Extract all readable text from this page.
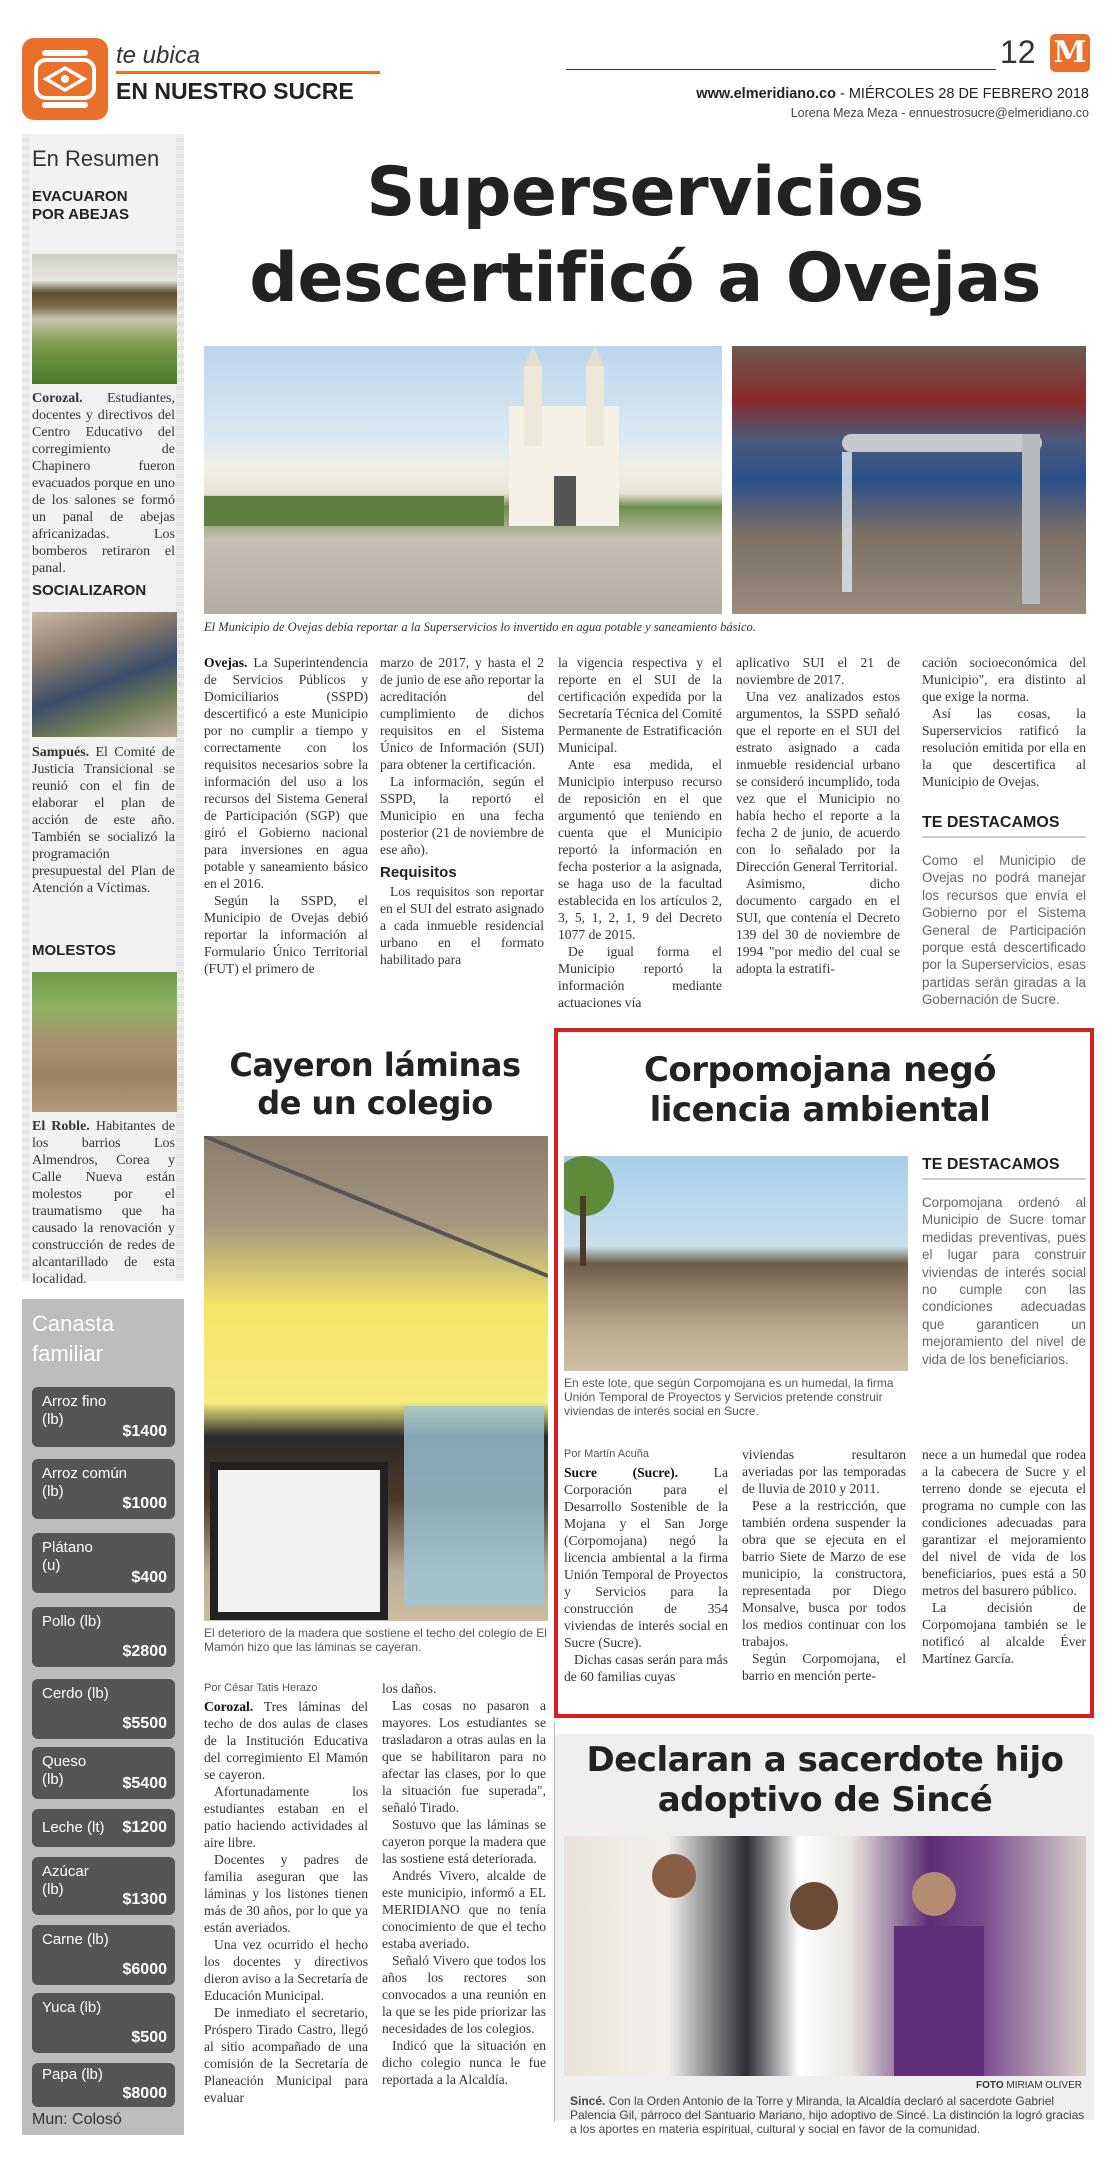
te ubica
EN NUESTRO SUCRE
12 M
www.elmeridiano.co - MIÉRCOLES 28 DE FEBRERO 2018
Lorena Meza Meza - ennuestrosucre@elmeridiano.co
En Resumen
EVACUARON POR ABEJAS
Corozal. Estudiantes, docentes y directivos del Centro Educativo del corregimiento de Chapinero fueron evacuados porque en uno de los salones se formó un panal de abejas africanizadas. Los bomberos retiraron el panal.
SOCIALIZARON
Sampués. El Comité de Justicia Transicional se reunió con el fin de elaborar el plan de acción de este año. También se socializó la programación presupuestal del Plan de Atención a Víctimas.
MOLESTOS
El Roble. Habitantes de los barrios Los Almendros, Corea y Calle Nueva están molestos por el traumatismo que ha causado la renovación y construcción de redes de alcantarillado de esta localidad.
Canasta familiar
Arroz fino (lb)
$1400
Arroz común (lb)
$1000
Plátano (u)
$400
Pollo (lb)
$2800
Cerdo (lb)
$5500
Queso (lb)	$5400
Leche (lt)	$1200
Azúcar (lb)
$1300
Carne (lb)
$6000
Yuca (lb)
$500
Papa (lb)
$8000
Mun: Colosó
Superservicios descertificó a Ovejas
El Municipio de Ovejas debía reportar a la Superservicios lo invertido en agua potable y saneamiento básico.

Ovejas. La Superintendencia de Servicios Públicos y Domiciliarios (SSPD) descertificó a este Municipio por no cumplir a tiempo y correctamente con los requisitos necesarios sobre la información del uso a los recursos del Sistema General de Participación (SGP) que giró el Gobierno nacional para inversiones en agua potable y saneamiento básico en el 2016.

Según la SSPD, el Municipio de Ovejas debió reportar la información al Formulario Único Territorial (FUT) el primero de

marzo de 2017, y hasta el 2 de junio de ese año reportar la acreditación del cumplimiento de dichos requisitos en el Sistema Único de Información (SUI) para obtener la certificación.

La información, según el SSPD, la reportó el Municipio en una fecha posterior (21 de noviembre de ese año).

Requisitos

Los requisitos son reportar en el SUI del estrato asignado a cada inmueble residencial urbano en el formato habilitado para

la vigencia respectiva y el reporte en el SUI de la certificación expedida por la Secretaría Técnica del Comité Permanente de Estratificación Municipal.

Ante esa medida, el Municipio interpuso recurso de reposición en el que argumentó que teniendo en cuenta que el Municipio reportó la información en fecha posterior a la asignada, se haga uso de la facultad establecida en los artículos 2, 3, 5, 1, 2, 1, 9 del Decreto 1077 de 2015.

De igual forma el Municipio reportó la información mediante actuaciones vía

aplicativo SUI el 21 de noviembre de 2017.

Una vez analizados estos argumentos, la SSPD señaló que el reporte en el SUI del estrato asignado a cada inmueble residencial urbano se consideró incumplido, toda vez que el Municipio no había hecho el reporte a la fecha 2 de junio, de acuerdo con lo señalado por la Dirección General Territorial.

Asimismo, dicho documento cargado en el SUI, que contenía el Decreto 139 del 30 de noviembre de 1994 "por medio del cual se adopta la estratifi-

cación socioeconómica del Municipio", era distinto al que exige la norma.

Así las cosas, la Superservicios ratificó la resolución emitida por ella en la que descertifica al Municipio de Ovejas.

TE DESTACAMOS
Como el Municipio de Ovejas no podrá manejar los recursos que envía el Gobierno por el Sistema General de Participación porque está descertificado por la Superservicios, esas partidas serán giradas a la Gobernación de Sucre.
Cayeron láminas de un colegio
El deterioro de la madera que sostiene el techo del colegio de El Mamón hizo que las láminas se cayeran.
Por César Tatis Herazo

Corozal. Tres láminas del techo de dos aulas de clases de la Institución Educativa del corregimiento El Mamón se cayeron.

Afortunadamente los estudiantes estaban en el patio haciendo actividades al aire libre.

Docentes y padres de familia aseguran que las láminas y los listones tienen más de 30 años, por lo que ya están averiados.

Una vez ocurrido el hecho los docentes y directivos dieron aviso a la Secretaría de Educación Municipal.

De inmediato el secretario, Próspero Tirado Castro, llegó al sitio acompañado de una comisión de la Secretaría de Planeación Municipal para evaluar

los daños.

Las cosas no pasaron a mayores. Los estudiantes se trasladaron a otras aulas en la que se habilitaron para no afectar las clases, por lo que la situación fue superada", señaló Tirado.

Sostuvo que las láminas se cayeron porque la madera que las sostiene está deteriorada.

Andrés Vivero, alcalde de este municipio, informó a EL MERIDIANO que no tenía conocimiento de que el techo estaba averiado.

Señaló Vivero que todos los años los rectores son convocados a una reunión en la que se les pide priorizar las necesidades de los colegios.

Indicó que la situación en dicho colegio nunca le fue reportada a la Alcaldía.

Corpomojana negó licencia ambiental
En este lote, que según Corpomojana es un humedal, la firma Unión Temporal de Proyectos y Servicios pretende construir viviendas de interés social en Sucre.
TE DESTACAMOS
Corpomojana ordenó al Municipio de Sucre tomar medidas preventivas, pues el lugar para construir viviendas de interés social no cumple con las condiciones adecuadas que garanticen un mejoramiento del nivel de vida de los beneficiarios.
Por Martín Acuña

Sucre (Sucre). La Corporación para el Desarrollo Sostenible de la Mojana y el San Jorge (Corpomojana) negó la licencia ambiental a la firma Unión Temporal de Proyectos y Servicios para la construcción de 354 viviendas de interés social en Sucre (Sucre).

Dichas casas serán para más de 60 familias cuyas

viviendas resultaron averiadas por las temporadas de lluvia de 2010 y 2011.

Pese a la restricción, que también ordena suspender la obra que se ejecuta en el barrio Siete de Marzo de ese municipio, la constructora, representada por Diego Monsalve, busca por todos los medios continuar con los trabajos.

Según Corpomojana, el barrio en mención perte-

nece a un humedal que rodea a la cabecera de Sucre y el terreno donde se ejecuta el programa no cumple con las condiciones adecuadas para garantizar el mejoramiento del nivel de vida de los beneficiarios, pues está a 50 metros del basurero público.

La decisión de Corpomojana también se le notificó al alcalde Éver Martínez García.

Declaran a sacerdote hijo adoptivo de Sincé
FOTO MIRIAM OLIVER
Sincé. Con la Orden Antonio de la Torre y Miranda, la Alcaldía declaró al sacerdote Gabriel Palencia Gil, párroco del Santuario Mariano, hijo adoptivo de Sincé. La distinción la logró gracias a los aportes en materia espiritual, cultural y social en favor de la comunidad.
